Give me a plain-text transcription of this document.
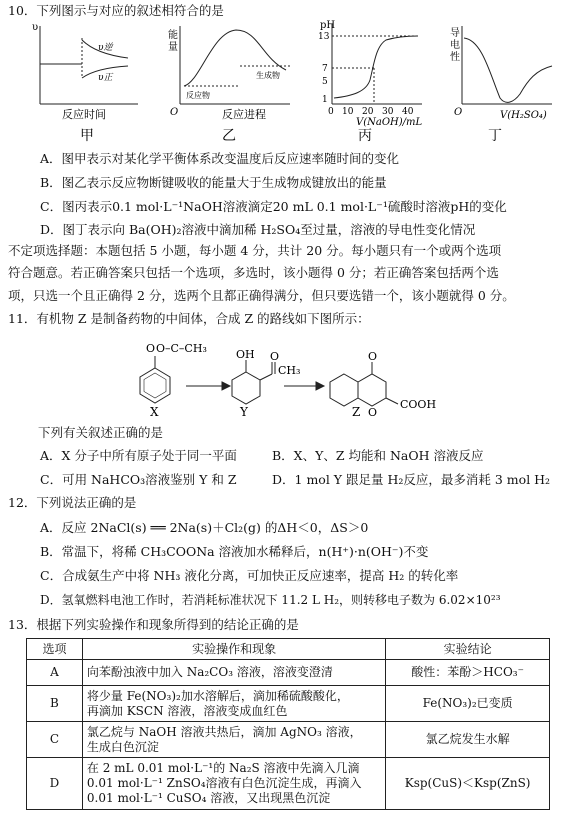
10．下列图示与对应的叙述相符合的是
υ
υ逆
υ正
反应时间
甲
能
量
O
反应物
生成物
反应进程
乙
pH
13
7
5
1
0 10 20 30 40
V(NaOH)/mL
丙
导
电
性
O	V(H₂SO₄)
丁
A．图甲表示对某化学平衡体系改变温度后反应速率随时间的变化
B．图乙表示反应物断键吸收的能量大于生成物成键放出的能量
C．图丙表示0.1 mol·L⁻¹NaOH溶液滴定20 mL 0.1 mol·L⁻¹硫酸时溶液pH的变化
D．图丁表示向 Ba(OH)₂溶液中滴加稀 H₂SO₄至过量，溶液的导电性变化情况
不定项选择题：本题包括 5 小题，每小题 4 分，共计 20 分。每小题只有一个或两个选项
符合题意。若正确答案只包括一个选项，多选时，该小题得 0 分；若正确答案包括两个选
项，只选一个且正确得 2 分，选两个且都正确得满分，但只要选错一个，该小题就得 0 分。
11．有机物 Z 是制备药物的中间体，合成 Z 的路线如下图所示：
O O–C–CH₃	OH O
CH₃
O
O
COOH
X	Y	Z
下列有关叙述正确的是
A．X 分子中所有原子处于同一平面	B．X、Y、Z 均能和 NaOH 溶液反应
C．可用 NaHCO₃溶液鉴别 Y 和 Z	D．1 mol Y 跟足量 H₂反应，最多消耗 3 mol H₂
12．下列说法正确的是
A．反应 2NaCl(s) ══ 2Na(s)＋Cl₂(g) 的ΔH＜0，ΔS＞0
B．常温下，将稀 CH₃COONa 溶液加水稀释后，n(H⁺)·n(OH⁻)不变
C．合成氨生产中将 NH₃ 液化分离，可加快正反应速率，提高 H₂ 的转化率
D．氢氧燃料电池工作时，若消耗标准状况下 11.2 L H₂，则转移电子数为 6.02×10²³
13．根据下列实验操作和现象所得到的结论正确的是
选项	实验操作和现象	实验结论
A	向苯酚浊液中加入 Na₂CO₃ 溶液，溶液变澄清	酸性：苯酚＞HCO₃⁻
B	将少量 Fe(NO₃)₂加水溶解后，滴加稀硫酸酸化，
再滴加 KSCN 溶液，溶液变成血红色	Fe(NO₃)₂已变质
C	氯乙烷与 NaOH 溶液共热后，滴加 AgNO₃ 溶液，
生成白色沉淀	氯乙烷发生水解
D	在 2 mL 0.01 mol·L⁻¹的 Na₂S 溶液中先滴入几滴
0.01 mol·L⁻¹ ZnSO₄溶液有白色沉淀生成，再滴入
0.01 mol·L⁻¹ CuSO₄ 溶液，又出现黑色沉淀	Ksp(CuS)＜Ksp(ZnS)
